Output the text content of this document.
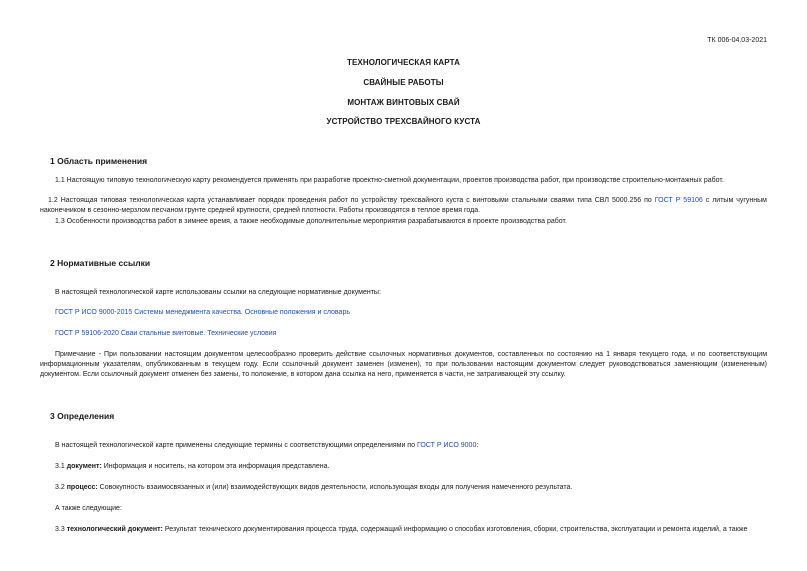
ТК 006-04.03-2021
ТЕХНОЛОГИЧЕСКАЯ КАРТА
СВАЙНЫЕ РАБОТЫ
МОНТАЖ ВИНТОВЫХ СВАЙ
УСТРОЙСТВО ТРЕХСВАЙНОГО КУСТА
1 Область применения
1.1 Настоящую типовую технологическую карту рекомендуется применять при разработке проектно-сметной документации, проектов производства работ, при производстве строительно-монтажных работ.
1.2 Настоящая типовая технологическая карта устанавливает порядок проведения работ по устройству трехсвайного куста с винтовыми стальными сваями типа СВЛ 5000.256 по ГОСТ Р 59106 с литым чугунным наконечником в сезонно-мерзлом песчаном грунте средней крупности, средней плотности. Работы производятся в теплое время года.
1.3 Особенности производства работ в зимнее время, а также необходимые дополнительные мероприятия разрабатываются в проекте производства работ.
2 Нормативные ссылки
В настоящей технологической карте использованы ссылки на следующие нормативные документы:
ГОСТ Р ИСО 9000-2015 Системы менеджмента качества. Основные положения и словарь
ГОСТ Р 59106-2020 Сваи стальные винтовые. Технические условия
Примечание - При пользовании настоящим документом целесообразно проверить действие ссылочных нормативных документов, составленных по состоянию на 1 января текущего года, и по соответствующим информационным указателям, опубликованным в текущем году. Если ссылочный документ заменен (изменен), то при пользовании настоящим документом следует руководствоваться заменяющим (измененным) документом. Если ссылочный документ отменен без замены, то положение, в котором дана ссылка на него, применяется в части, не затрагивающей эту ссылку.
3 Определения
В настоящей технологической карте применены следующие термины с соответствующими определениями по ГОСТ Р ИСО 9000:
3.1 документ: Информация и носитель, на котором эта информация представлена.
3.2 процесс: Совокупность взаимосвязанных и (или) взаимодействующих видов деятельности, использующая входы для получения намеченного результата.
А также следующие:
3.3 технологический документ: Результат технического документирования процесса труда, содержащий информацию о способах изготовления, сборки, строительства, эксплуатации и ремонта изделий, а также
